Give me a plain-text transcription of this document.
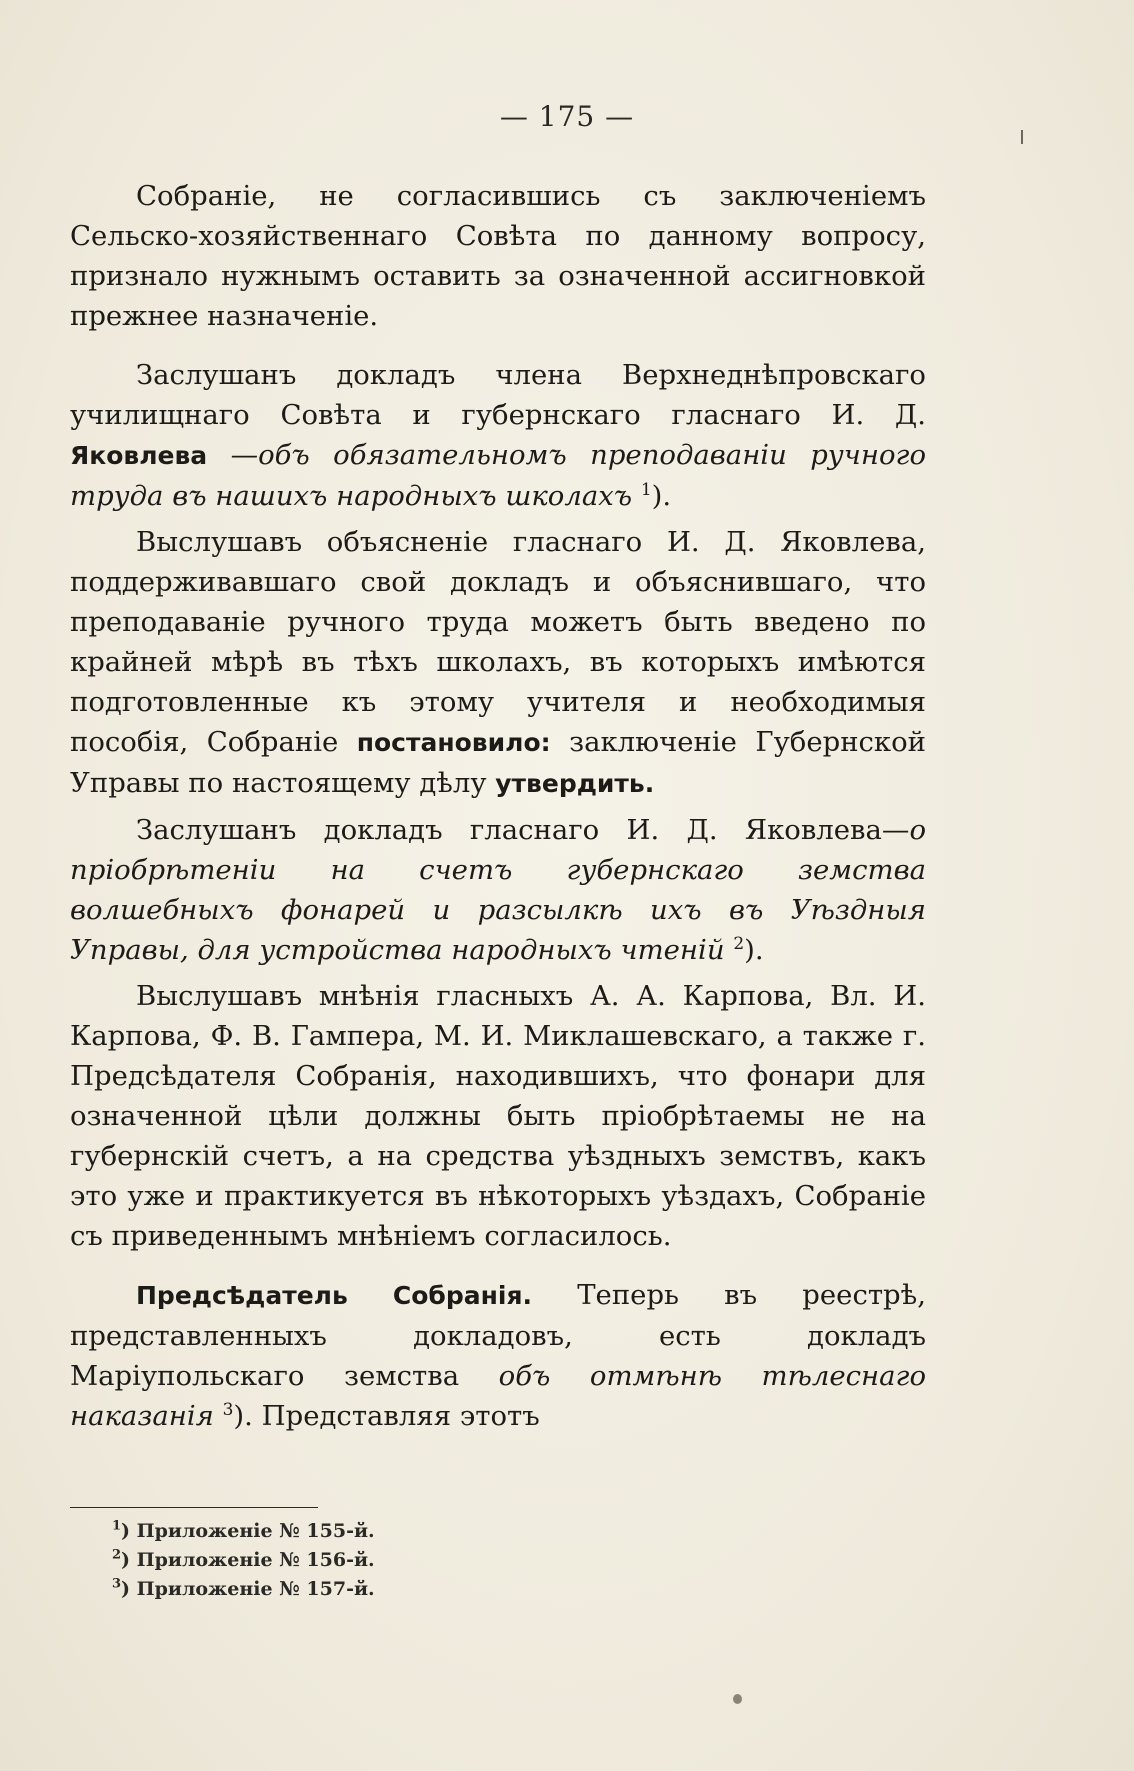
— 175 —

Собраніе, не согласившись съ заключеніемъ Сельско-хозяйственнаго Совѣта по данному вопросу, признало нужнымъ оставить за означенной ассигновкой прежнее назначеніе.

Заслушанъ докладъ члена Верхнеднѣпровскаго училищнаго Совѣта и губернскаго гласнаго И. Д. Яковлева —объ обязательномъ преподаваніи ручного труда въ нашихъ народныхъ школахъ $^1$).

Выслушавъ объясненіе гласнаго И. Д. Яковлева, поддерживавшаго свой докладъ и объяснившаго, что преподаваніе ручного труда можетъ быть введено по крайней мѣрѣ въ тѣхъ школахъ, въ которыхъ имѣются подготовленные къ этому учителя и необходимыя пособія, Собраніе постановило: заключеніе Губернской Управы по настоящему дѣлу утвердить.

Заслушанъ докладъ гласнаго И. Д. Яковлева—о пріобрѣтеніи на счетъ губернскаго земства волшебныхъ фонарей и разсылкѣ ихъ въ Уѣздныя Управы, для устройства народныхъ чтеній $^2$).

Выслушавъ мнѣнія гласныхъ А. А. Карпова, Вл. И. Карпова, Ф. В. Гампера, М. И. Миклашевскаго, а также г. Предсѣдателя Собранія, находившихъ, что фонари для означенной цѣли должны быть пріобрѣтаемы не на губернскій счетъ, а на средства уѣздныхъ земствъ, какъ это уже и практикуется въ нѣкоторыхъ уѣздахъ, Собраніе съ приведеннымъ мнѣніемъ согласилось.

Предсѣдатель Собранія. Теперь въ реестрѣ, представленныхъ докладовъ, есть докладъ Маріупольскаго земства объ отмѣнѣ тѣлеснаго наказанія $^3$). Представляя этотъ

$^1$) Приложеніе № 155-й.
$^2$) Приложеніе № 156-й.
$^3$) Приложеніе № 157-й.
